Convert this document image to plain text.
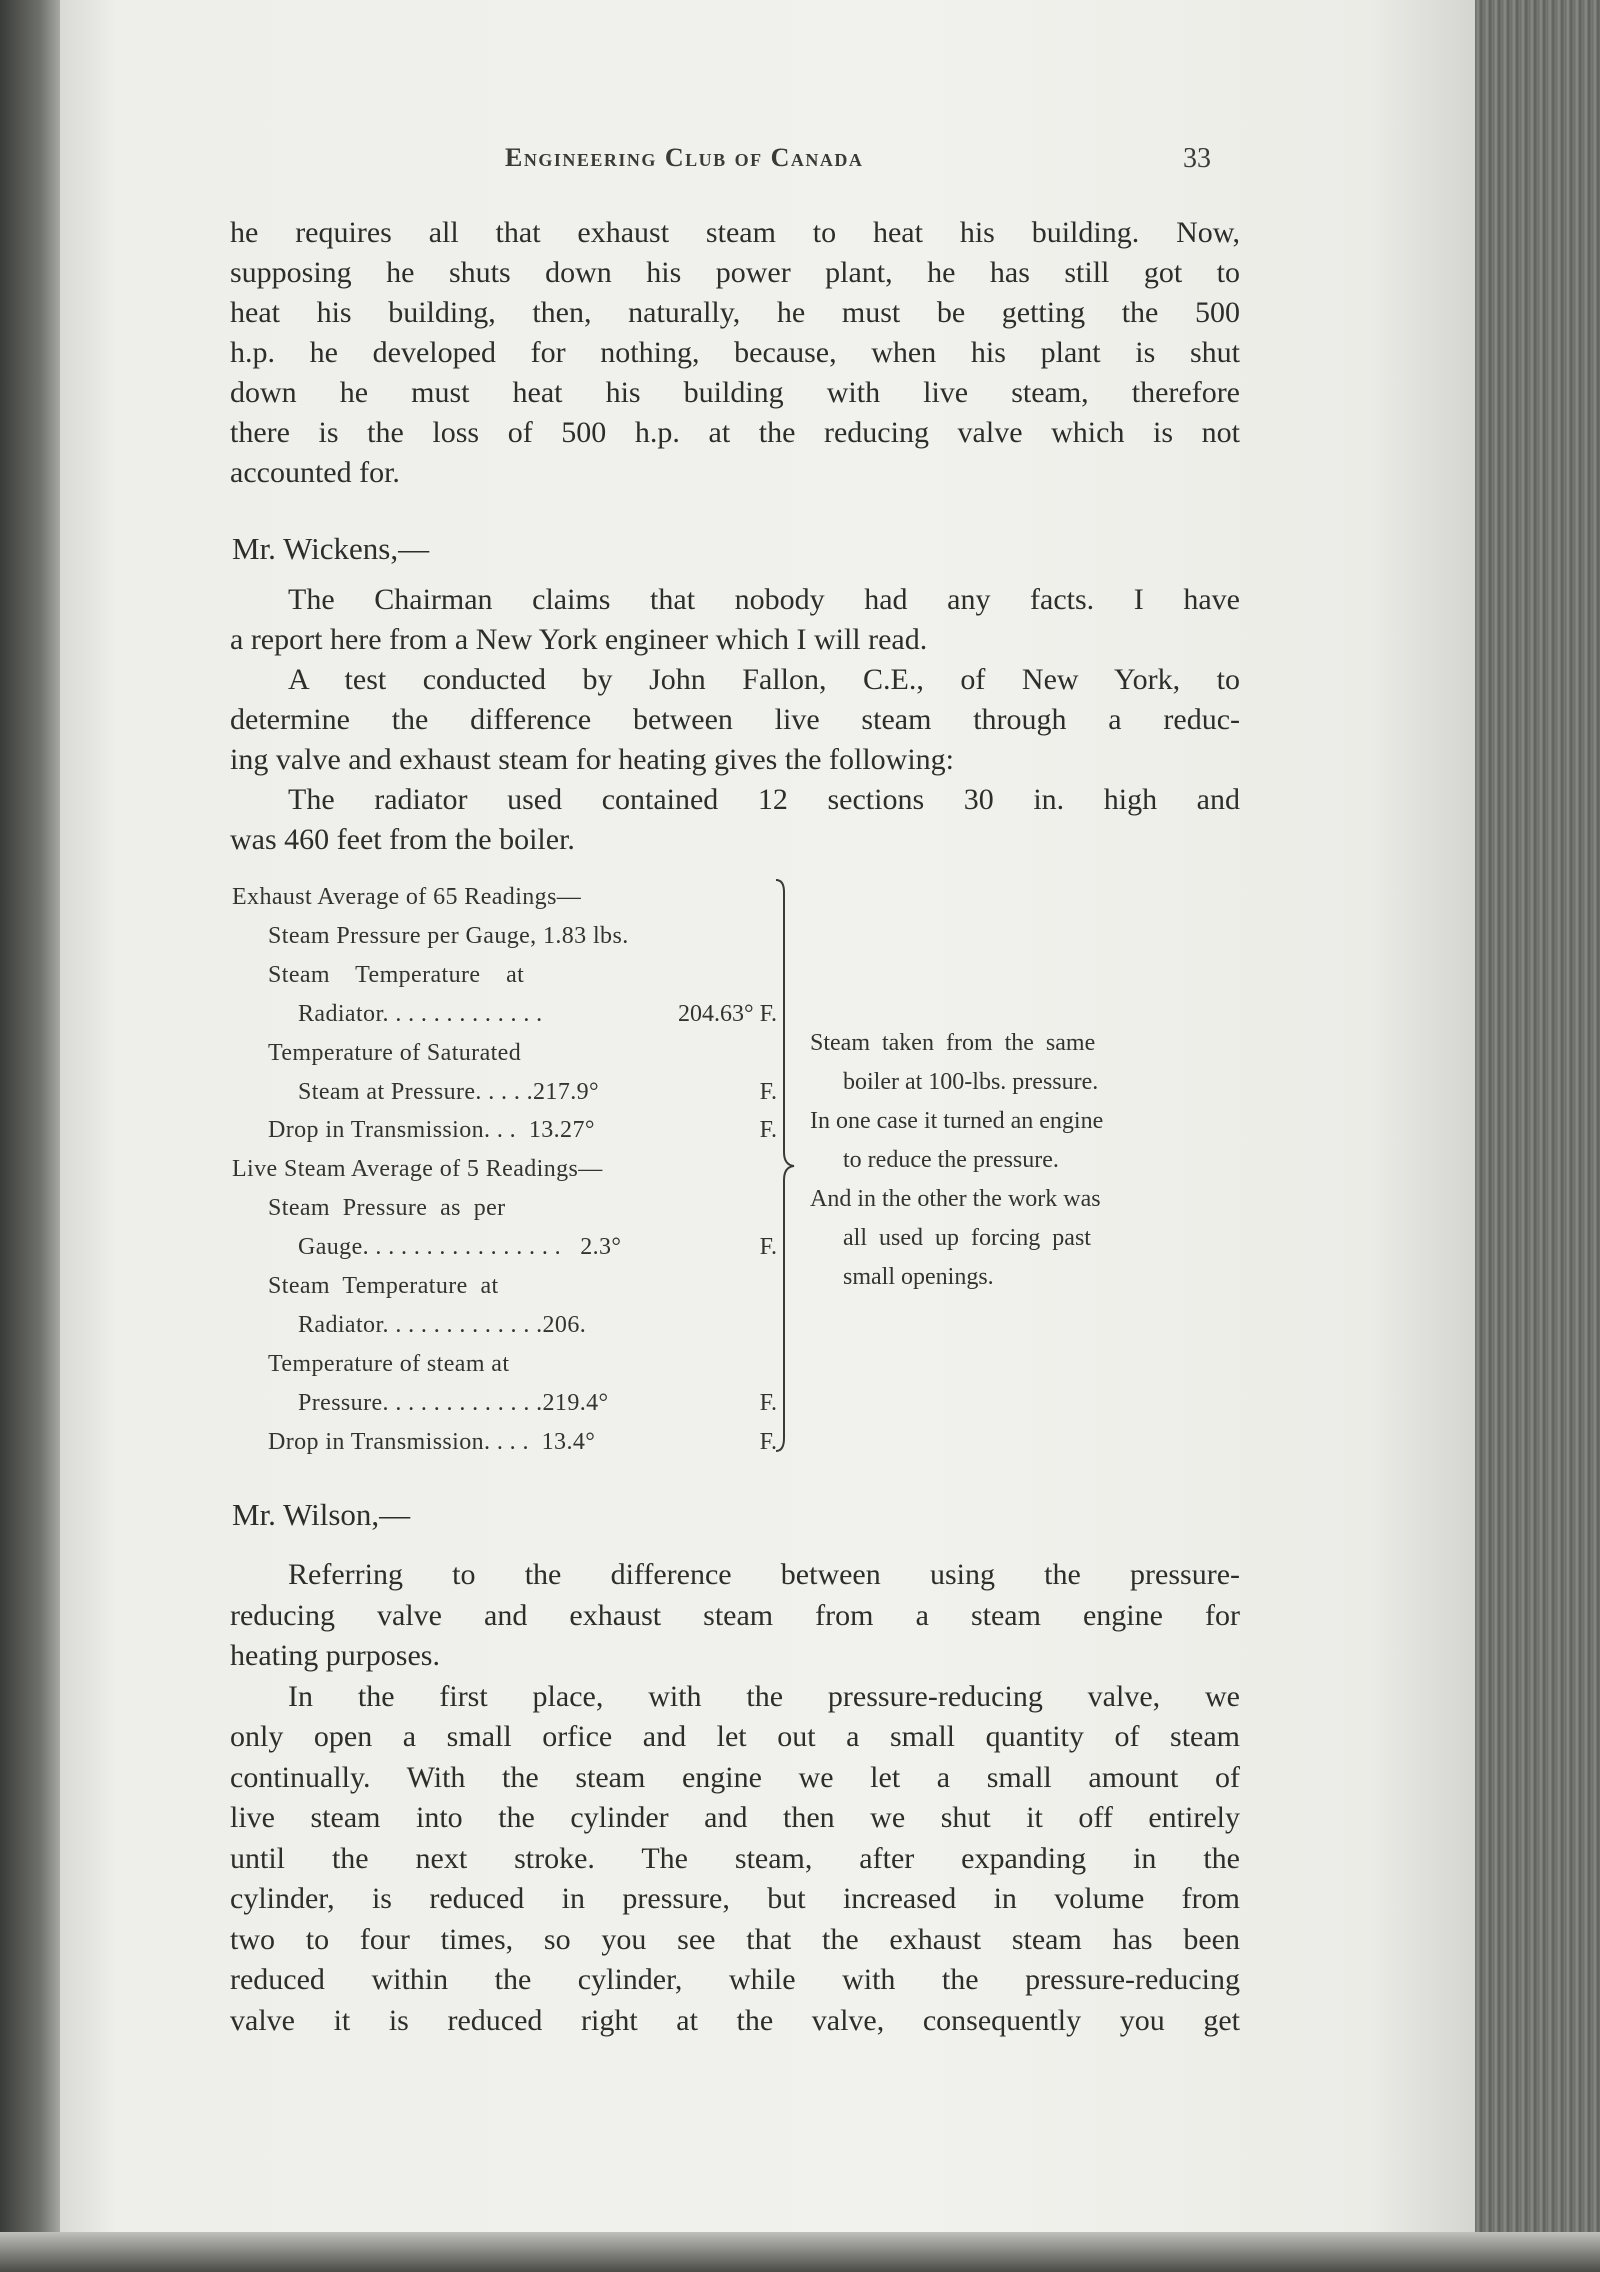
Engineering Club of Canada	33
he requires all that exhaust steam to heat his building. Now,
supposing he shuts down his power plant, he has still got to
heat his building, then, naturally, he must be getting the 500
h.p. he developed for nothing, because, when his plant is shut
down he must heat his building with live steam, therefore
there is the loss of 500 h.p. at the reducing valve which is not
accounted for.
Mr. Wickens,—
The Chairman claims that nobody had any facts. I have
a report here from a New York engineer which I will read.
A test conducted by John Fallon, C.E., of New York, to
determine the difference between live steam through a reduc-
ing valve and exhaust steam for heating gives the following:
The radiator used contained 12 sections 30 in. high and
was 460 feet from the boiler.
Exhaust Average of 65 Readings—
Steam Pressure per Gauge, 1.83 lbs.
Steam    Temperature    at
Radiator. . . . . . . . . . . . .	204.63° F.
Temperature of Saturated
Steam at Pressure. . . . .217.9°	F.
Drop in Transmission. . .  13.27°	F.
Live Steam Average of 5 Readings—
Steam  Pressure  as  per
Gauge. . . . . . . . . . . . . . . .   2.3°	F.
Steam  Temperature  at
Radiator. . . . . . . . . . . . .206.
Temperature of steam at
Pressure. . . . . . . . . . . . .219.4°	F.
Drop in Transmission. . . .  13.4°	F.
Steam  taken  from  the  same
boiler at 100-lbs. pressure.
In one case it turned an engine
to reduce the pressure.
And in the other the work was
all  used  up  forcing  past
small openings.
Mr. Wilson,—
Referring to the difference between using the pressure-
reducing valve and exhaust steam from a steam engine for
heating purposes.
In the first place, with the pressure-reducing valve, we
only open a small orfice and let out a small quantity of steam
continually. With the steam engine we let a small amount of
live steam into the cylinder and then we shut it off entirely
until the next stroke. The steam, after expanding in the
cylinder, is reduced in pressure, but increased in volume from
two to four times, so you see that the exhaust steam has been
reduced within the cylinder, while with the pressure-reducing
valve it is reduced right at the valve, consequently you get
